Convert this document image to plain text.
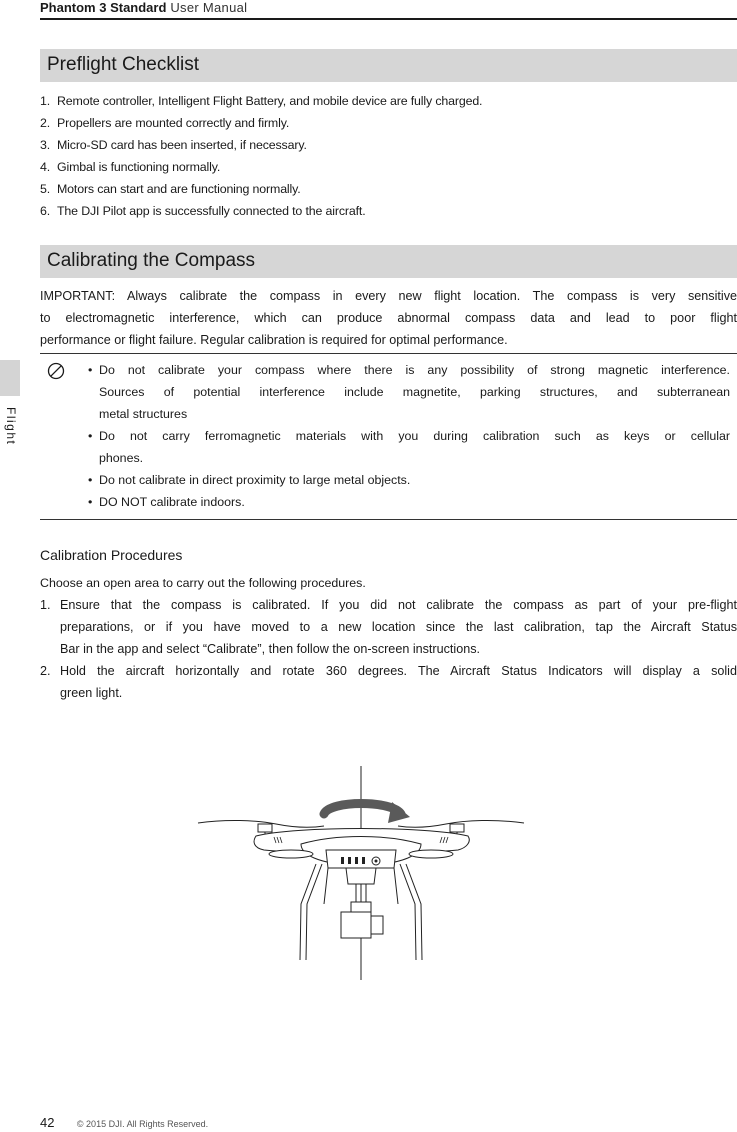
Phantom 3 Standard User Manual
Flight
Preflight Checklist
1. Remote controller, Intelligent Flight Battery, and mobile device are fully charged.
2. Propellers are mounted correctly and firmly.
3. Micro-SD card has been inserted, if necessary.
4. Gimbal is functioning normally.
5. Motors can start and are functioning normally.
6. The DJI Pilot app is successfully connected to the aircraft.
Calibrating the Compass
IMPORTANT: Always calibrate the compass in every new flight location. The compass is very sensitive
to electromagnetic interference, which can produce abnormal compass data and lead to poor flight
performance or flight failure. Regular calibration is required for optimal performance.
• Do not calibrate your compass where there is any possibility of strong magnetic interference.
Sources of potential interference include magnetite, parking structures, and subterranean
metal structures
• Do not carry ferromagnetic materials with you during calibration such as keys or cellular
phones.
• Do not calibrate in direct proximity to large metal objects.
• DO NOT calibrate indoors.
Calibration Procedures
Choose an open area to carry out the following procedures.
1. Ensure that the compass is calibrated. If you did not calibrate the compass as part of your pre-flight
preparations, or if you have moved to a new location since the last calibration, tap the Aircraft Status
Bar in the app and select “Calibrate”, then follow the on-screen instructions.
2. Hold the aircraft horizontally and rotate 360 degrees. The Aircraft Status Indicators will display a solid
green light.
42 © 2015 DJI. All Rights Reserved.
